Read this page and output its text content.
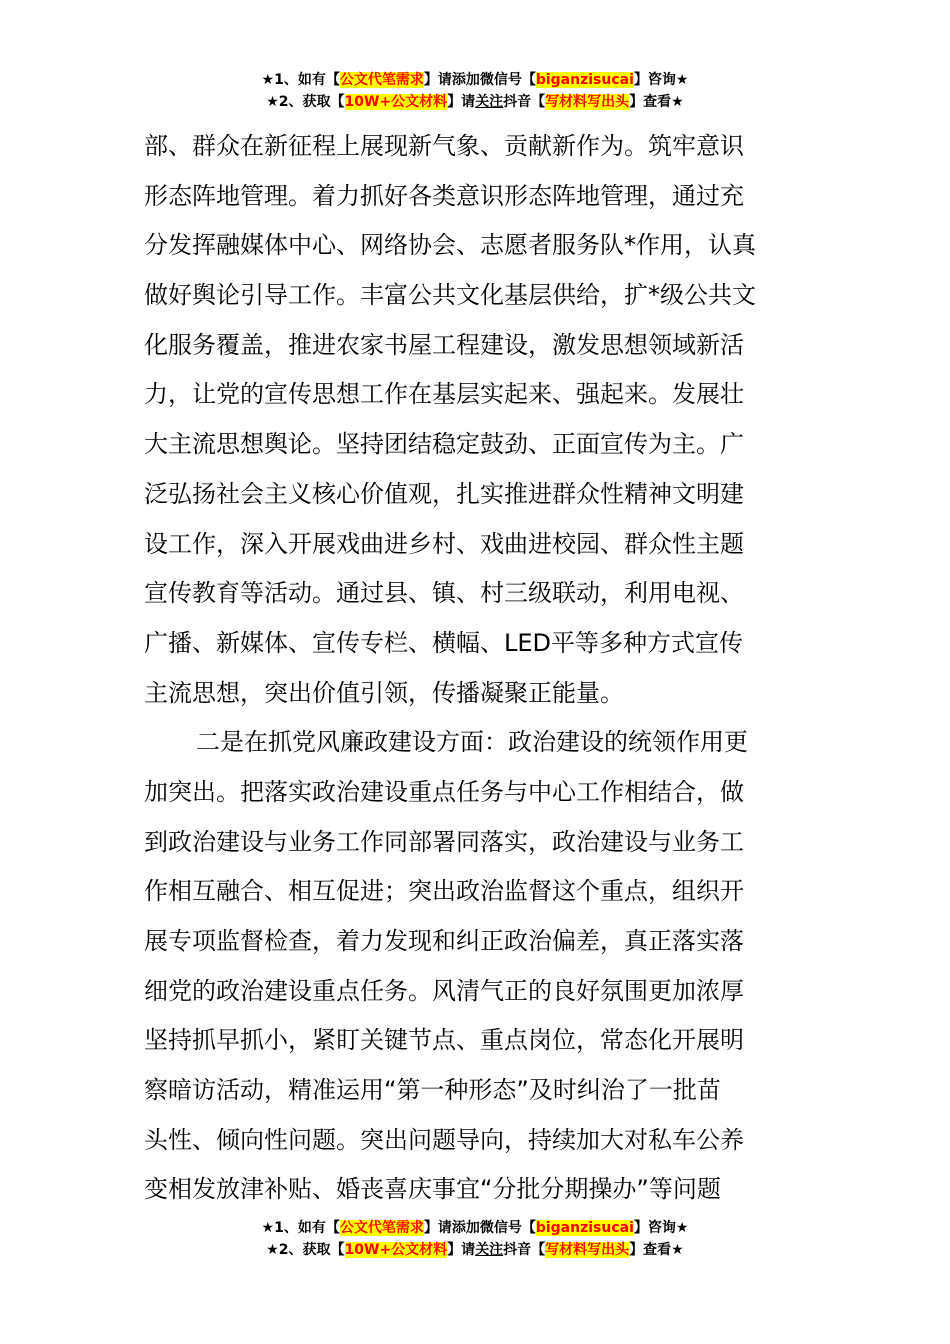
★1、如有【公文代笔需求】请添加微信号【biganzisucai】咨询★
★2、获取【10W+公文材料】请关注抖音【写材料写出头】查看★
部、群众在新征程上展现新气象、贡献新作为。筑牢意识
形态阵地管理。着力抓好各类意识形态阵地管理，通过充
分发挥融媒体中心、网络协会、志愿者服务队*作用，认真
做好舆论引导工作。丰富公共文化基层供给，扩*级公共文
化服务覆盖，推进农家书屋工程建设，激发思想领域新活
力，让党的宣传思想工作在基层实起来、强起来。发展壮
大主流思想舆论。坚持团结稳定鼓劲、正面宣传为主。广
泛弘扬社会主义核心价值观，扎实推进群众性精神文明建
设工作，深入开展戏曲进乡村、戏曲进校园、群众性主题
宣传教育等活动。通过县、镇、村三级联动，利用电视、
广播、新媒体、宣传专栏、横幅、LED平等多种方式宣传
主流思想，突出价值引领，传播凝聚正能量。
二是在抓党风廉政建设方面：政治建设的统领作用更
加突出。把落实政治建设重点任务与中心工作相结合，做
到政治建设与业务工作同部署同落实，政治建设与业务工
作相互融合、相互促进；突出政治监督这个重点，组织开
展专项监督检查，着力发现和纠正政治偏差，真正落实落
细党的政治建设重点任务。风清气正的良好氛围更加浓厚
坚持抓早抓小，紧盯关键节点、重点岗位，常态化开展明
察暗访活动，精准运用“第一种形态”及时纠治了一批苗
头性、倾向性问题。突出问题导向，持续加大对私车公养
变相发放津补贴、婚丧喜庆事宜“分批分期操办”等问题
★1、如有【公文代笔需求】请添加微信号【biganzisucai】咨询★
★2、获取【10W+公文材料】请关注抖音【写材料写出头】查看★
